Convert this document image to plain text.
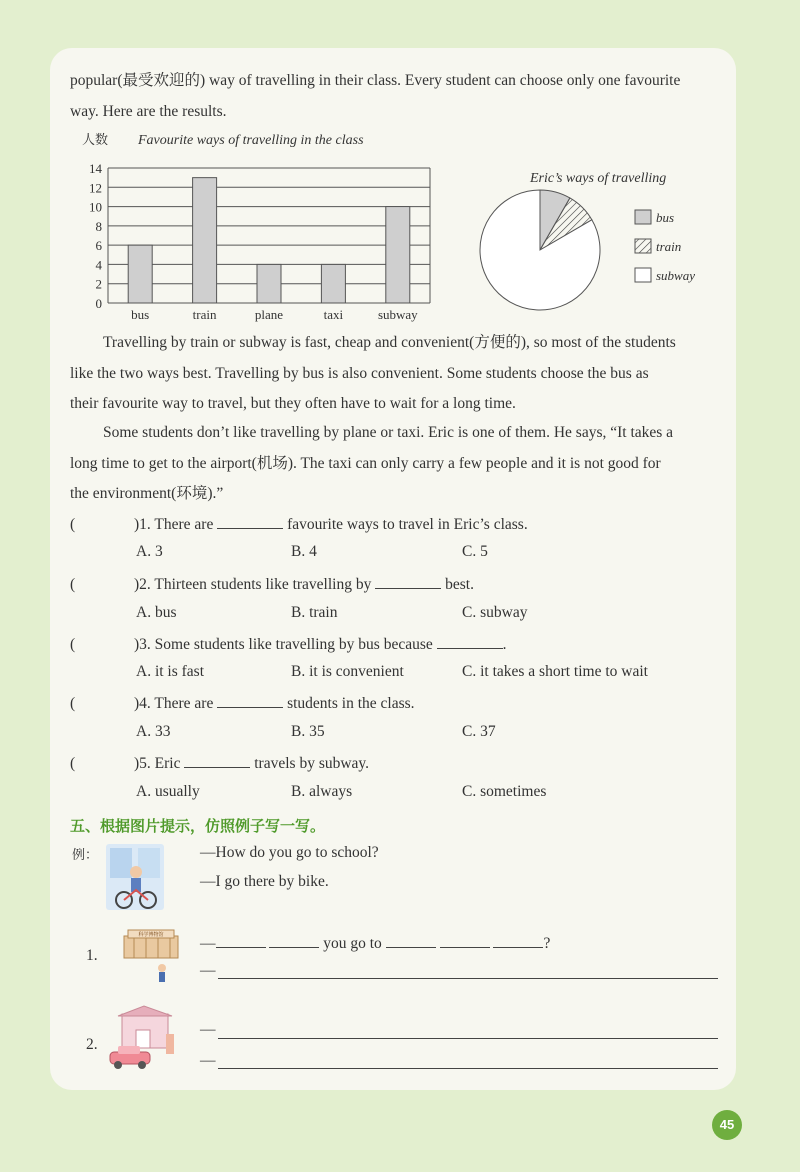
popular(最受欢迎的) way of travelling in their class. Every student can choose only one favourite
way. Here are the results.
人数 Favourite ways of travelling in the class
0
2
4
6
8
10
12
14
bus	train	plane	taxi	subway
Eric’s ways of travelling
bus
train
subway
Travelling by train or subway is fast, cheap and convenient(方便的), so most of the students
like the two ways best. Travelling by bus is also convenient. Some students choose the bus as
their favourite way to travel, but they often have to wait for a long time.
Some students don’t like travelling by plane or taxi. Eric is one of them. He says, “It takes a
long time to get to the airport(机场). The taxi can only carry a few people and it is not good for
the environment(环境).”
(	)1. There are	favourite ways to travel in Eric’s class.
A. 3	B. 4	C. 5
(	)2. Thirteen students like travelling by	best.
A. bus	B. train	C. subway
(	)3. Some students like travelling by bus because	.
A. it is fast	B. it is convenient	C. it takes a short time to wait
(	)4. There are	students in the class.
A. 33	B. 35	C. 37
(	)5. Eric	travels by subway.
A. usually	B. always	C. sometimes
五、根据图片提示，仿照例子写一写。
例：	—How do you go to school?
—I go there by bike.
1.
科学博物馆 —	you go to	?
—
2.
—
—
45
